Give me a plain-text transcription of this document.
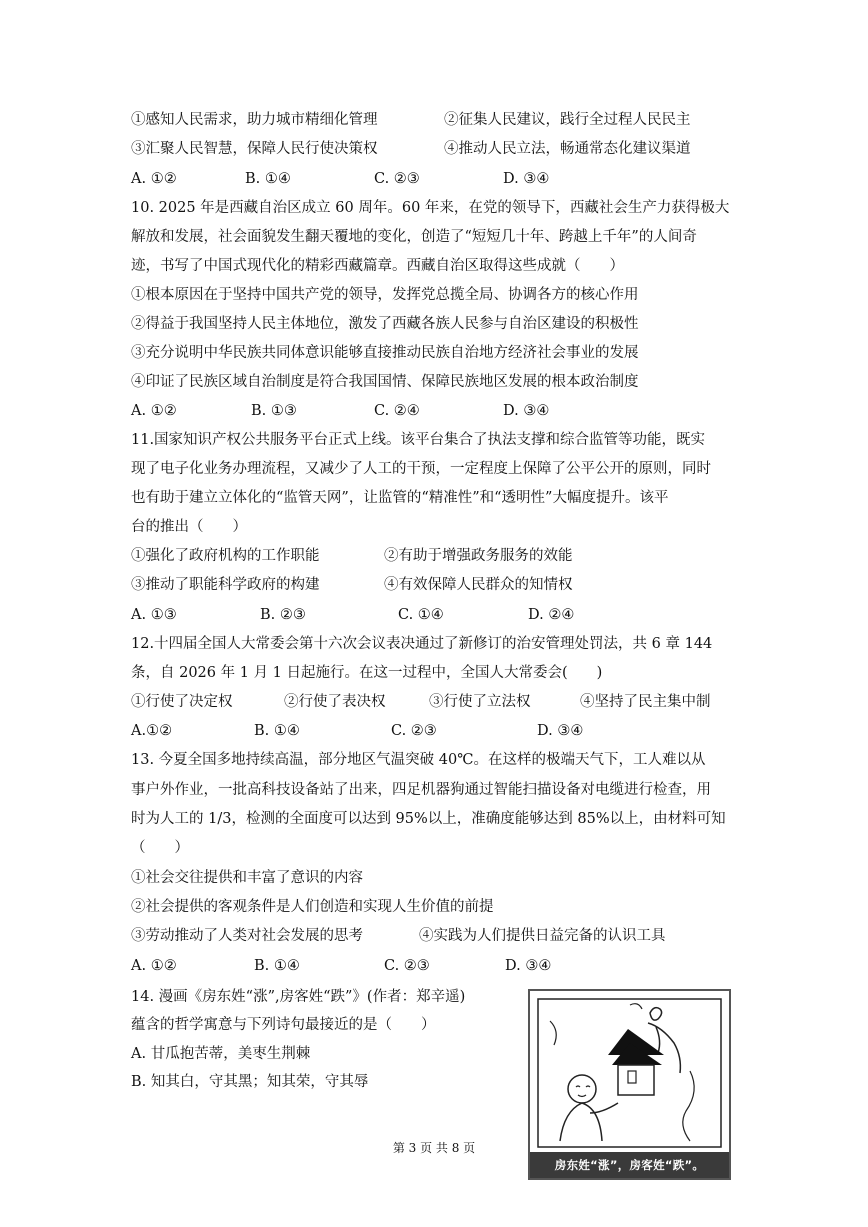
①感知人民需求，助力城市精细化管理	②征集人民建议，践行全过程人民民主
③汇聚人民智慧，保障人民行使决策权	④推动人民立法，畅通常态化建议渠道
A. ①②	B. ①④	C. ②③	D. ③④
10. 2025 年是西藏自治区成立 60 周年。60 年来，在党的领导下，西藏社会生产力获得极大
解放和发展，社会面貌发生翻天覆地的变化，创造了“短短几十年、跨越上千年”的人间奇
迹，书写了中国式现代化的精彩西藏篇章。西藏自治区取得这些成就（　　）
①根本原因在于坚持中国共产党的领导，发挥党总揽全局、协调各方的核心作用
②得益于我国坚持人民主体地位，激发了西藏各族人民参与自治区建设的积极性
③充分说明中华民族共同体意识能够直接推动民族自治地方经济社会事业的发展
④印证了民族区域自治制度是符合我国国情、保障民族地区发展的根本政治制度
A. ①②	B. ①③	C. ②④	D. ③④
11.国家知识产权公共服务平台正式上线。该平台集合了执法支撑和综合监管等功能，既实
现了电子化业务办理流程，又减少了人工的干预，一定程度上保障了公平公开的原则，同时
也有助于建立立体化的“监管天网”，让监管的“精准性”和“透明性”大幅度提升。该平
台的推出（　　）
①强化了政府机构的工作职能	②有助于增强政务服务的效能
③推动了职能科学政府的构建	④有效保障人民群众的知情权
A. ①③	B. ②③	C. ①④	D. ②④
12.十四届全国人大常委会第十六次会议表决通过了新修订的治安管理处罚法，共 6 章 144
条，自 2026 年 1 月 1 日起施行。在这一过程中，全国人大常委会(　　)
①行使了决定权	②行使了表决权	③行使了立法权	④坚持了民主集中制
A.①②	B. ①④	C. ②③	D. ③④
13. 今夏全国多地持续高温，部分地区气温突破 40℃。在这样的极端天气下，工人难以从
事户外作业，一批高科技设备站了出来，四足机器狗通过智能扫描设备对电缆进行检查，用
时为人工的 1/3，检测的全面度可以达到 95%以上，准确度能够达到 85%以上，由材料可知
（　　）
①社会交往提供和丰富了意识的内容
②社会提供的客观条件是人们创造和实现人生价值的前提
③劳动推动了人类对社会发展的思考	④实践为人们提供日益完备的认识工具
A. ①②	B. ①④	C. ②③	D. ③④
14. 漫画《房东姓“涨”,房客姓“跌”》(作者：郑辛遥)
蕴含的哲学寓意与下列诗句最接近的是（　　）
A. 甘瓜抱苦蒂，美枣生荆棘
B. 知其白，守其黑；知其荣，守其辱
房东姓“涨”，房客姓“跌”。
第 3 页 共 8 页
